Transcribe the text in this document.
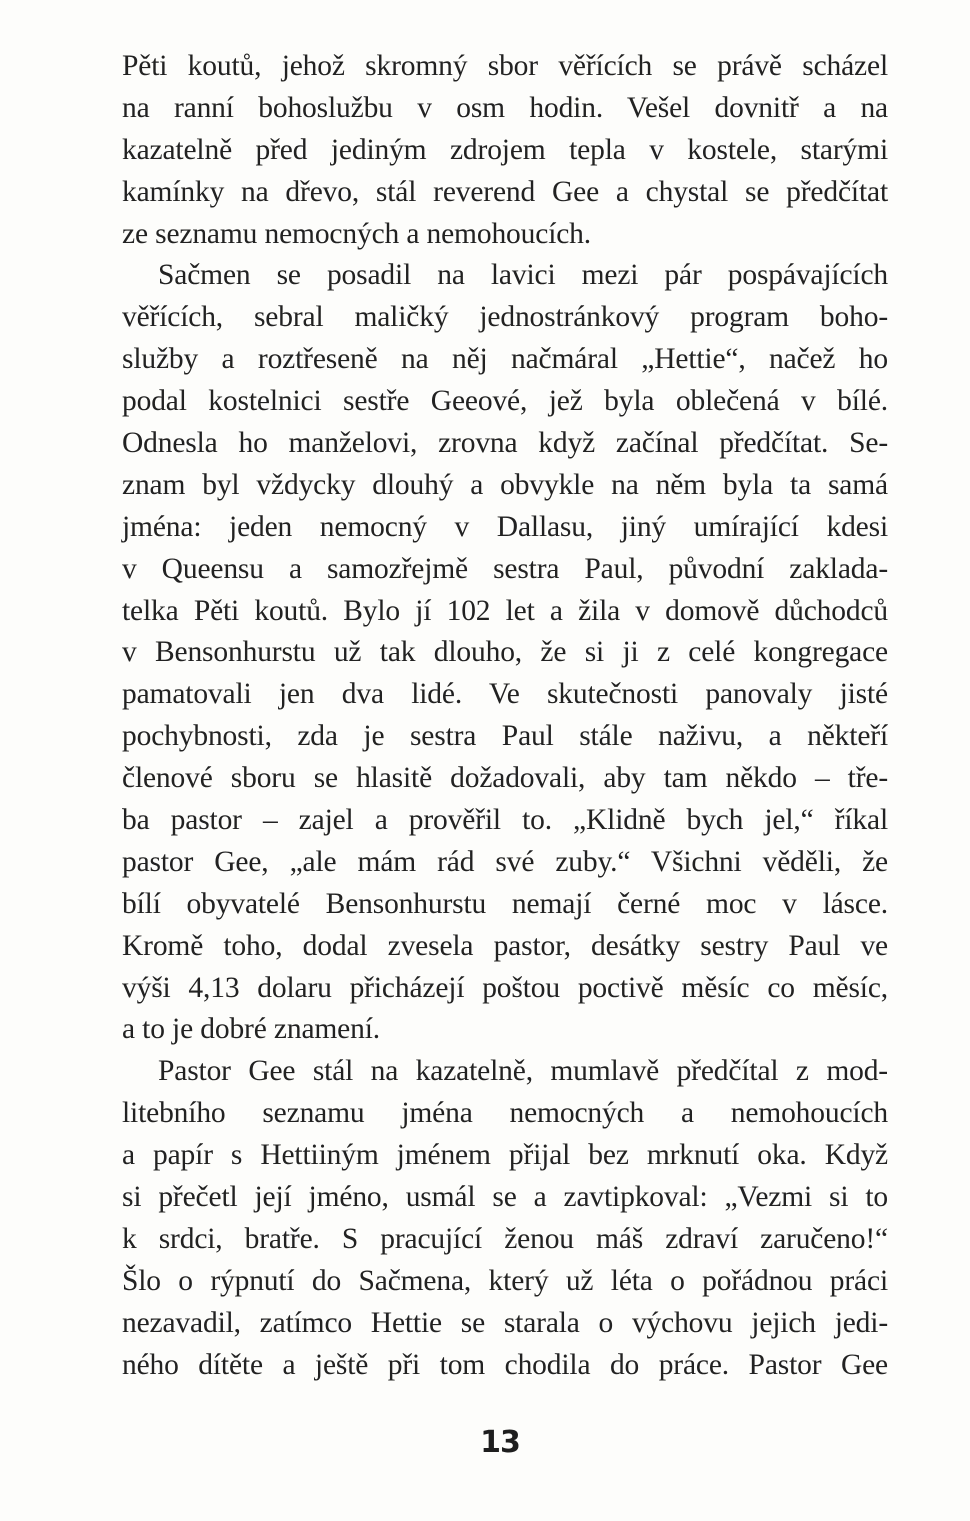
Pěti koutů, jehož skromný sbor věřících se právě scházel
na ranní bohoslužbu v osm hodin. Vešel dovnitř a na
kazatelně před jediným zdrojem tepla v kostele, starými
kamínky na dřevo, stál reverend Gee a chystal se předčítat
ze seznamu nemocných a nemohoucích.
Sačmen se posadil na lavici mezi pár pospávajících
věřících, sebral maličký jednostránkový program boho-
služby a roztřeseně na něj načmáral „Hettie“, načež ho
podal kostelnici sestře Geeové, jež byla oblečená v bílé.
Odnesla ho manželovi, zrovna když začínal předčítat. Se-
znam byl vždycky dlouhý a obvykle na něm byla ta samá
jména: jeden nemocný v Dallasu, jiný umírající kdesi
v Queensu a samozřejmě sestra Paul, původní zaklada-
telka Pěti koutů. Bylo jí 102 let a žila v domově důchodců
v Bensonhurstu už tak dlouho, že si ji z celé kongregace
pamatovali jen dva lidé. Ve skutečnosti panovaly jisté
pochybnosti, zda je sestra Paul stále naživu, a někteří
členové sboru se hlasitě dožadovali, aby tam někdo – tře-
ba pastor – zajel a prověřil to. „Klidně bych jel,“ říkal
pastor Gee, „ale mám rád své zuby.“ Všichni věděli, že
bílí obyvatelé Bensonhurstu nemají černé moc v lásce.
Kromě toho, dodal zvesela pastor, desátky sestry Paul ve
výši 4,13 dolaru přicházejí poštou poctivě měsíc co měsíc,
a to je dobré znamení.
Pastor Gee stál na kazatelně, mumlavě předčítal z mod-
litebního seznamu jména nemocných a nemohoucích
a papír s Hettiiným jménem přijal bez mrknutí oka. Když
si přečetl její jméno, usmál se a zavtipkoval: „Vezmi si to
k srdci, bratře. S pracující ženou máš zdraví zaručeno!“
Šlo o rýpnutí do Sačmena, který už léta o pořádnou práci
nezavadil, zatímco Hettie se starala o výchovu jejich jedi-
ného dítěte a ještě při tom chodila do práce. Pastor Gee
13
